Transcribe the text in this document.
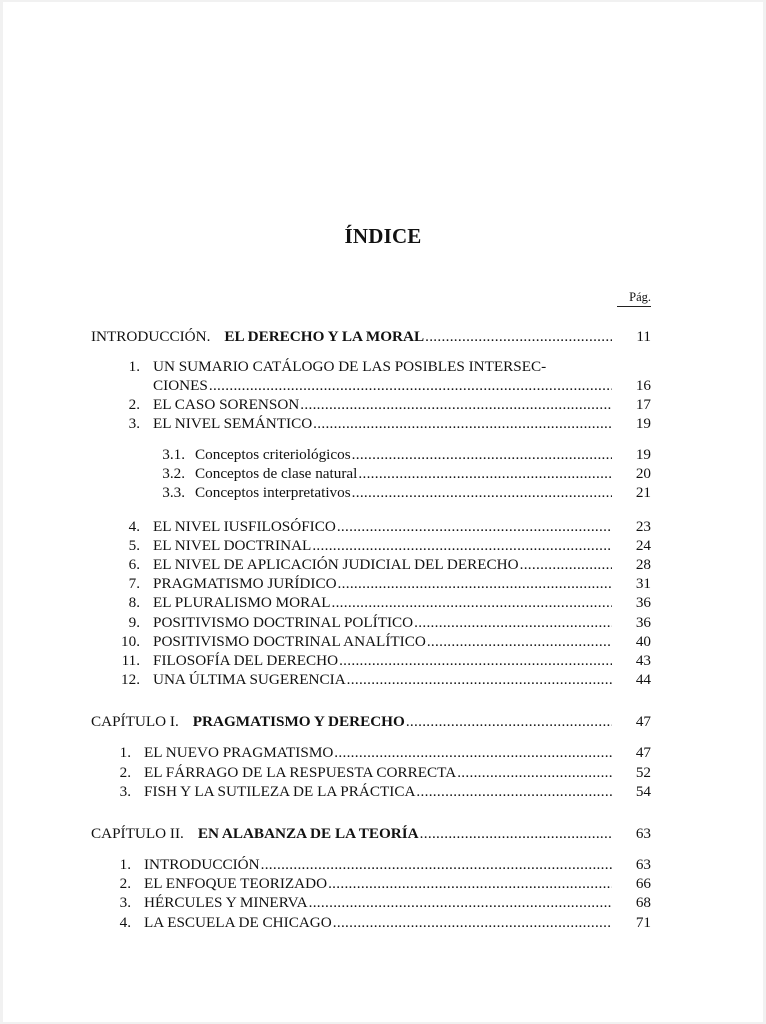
ÍNDICE
Pág.
INTRODUCCIÓN. EL DERECHO Y LA MORAL .....	11
1. UN SUMARIO CATÁLOGO DE LAS POSIBLES INTERSEC-
CIONES .....	16
2. EL CASO SORENSON .....	17
3. EL NIVEL SEMÁNTICO .....	19
3.1. Conceptos criteriológicos .....	19
3.2. Conceptos de clase natural .....	20
3.3. Conceptos interpretativos .....	21
4. EL NIVEL IUSFILOSÓFICO .....	23
5. EL NIVEL DOCTRINAL .....	24
6. EL NIVEL DE APLICACIÓN JUDICIAL DEL DERECHO .....	28
7. PRAGMATISMO JURÍDICO .....	31
8. EL PLURALISMO MORAL .....	36
9. POSITIVISMO DOCTRINAL POLÍTICO .....	36
10. POSITIVISMO DOCTRINAL ANALÍTICO .....	40
11. FILOSOFÍA DEL DERECHO .....	43
12. UNA ÚLTIMA SUGERENCIA .....	44
CAPÍTULO I. PRAGMATISMO Y DERECHO .....	47
1. EL NUEVO PRAGMATISMO .....	47
2. EL FÁRRAGO DE LA RESPUESTA CORRECTA .....	52
3. FISH Y LA SUTILEZA DE LA PRÁCTICA .....	54
CAPÍTULO II. EN ALABANZA DE LA TEORÍA .....	63
1. INTRODUCCIÓN .....	63
2. EL ENFOQUE TEORIZADO .....	66
3. HÉRCULES Y MINERVA .....	68
4. LA ESCUELA DE CHICAGO .....	71
